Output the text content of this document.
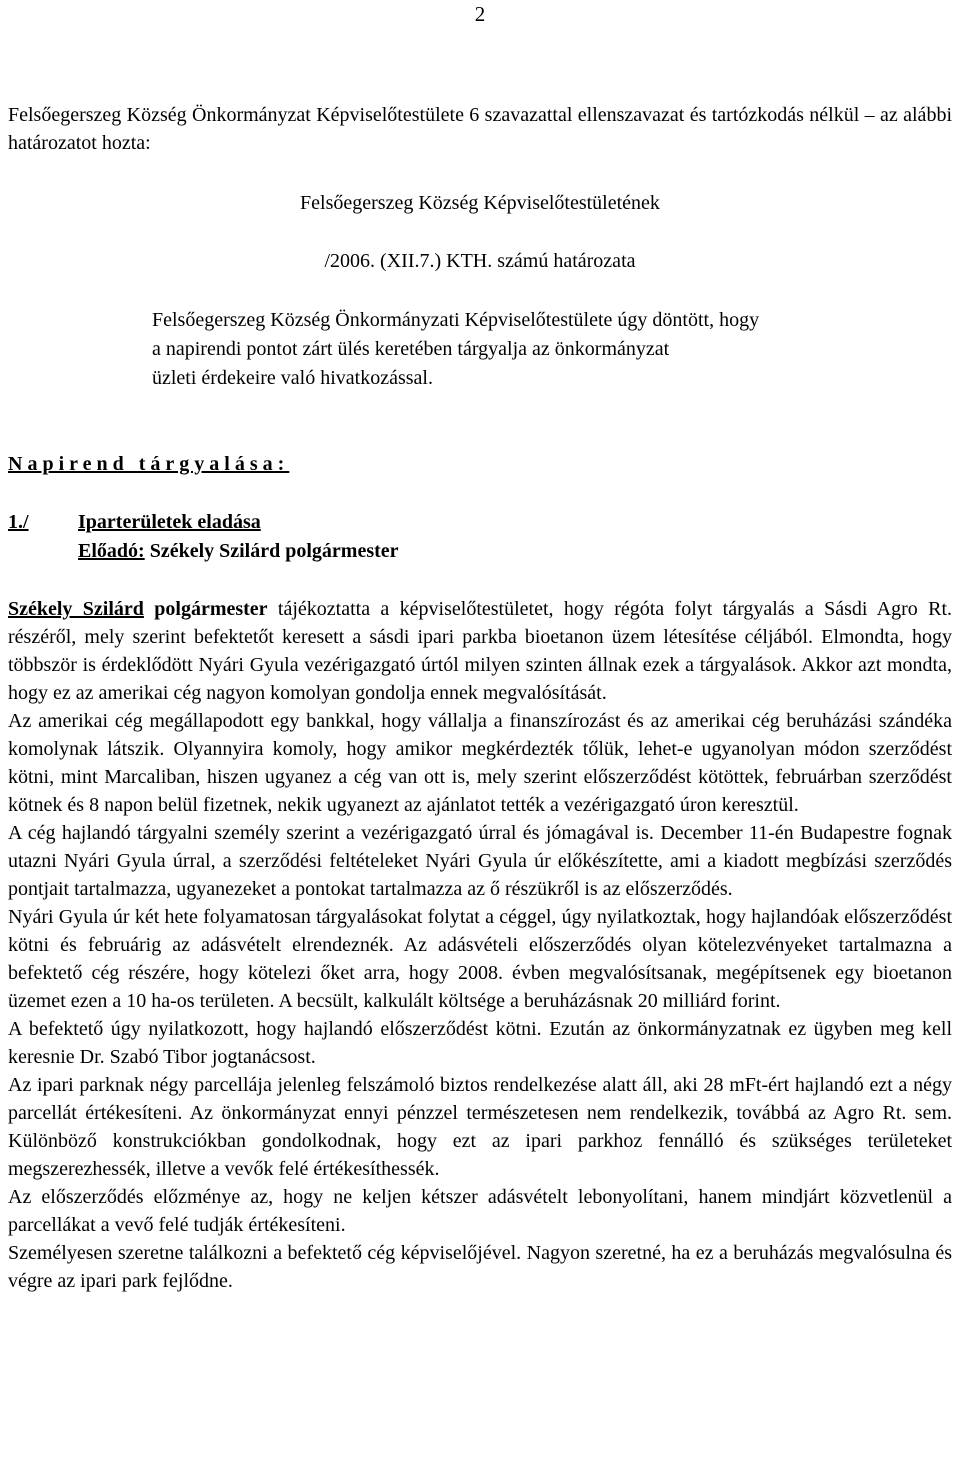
2
Felsőegerszeg Község Önkormányzat Képviselőtestülete 6 szavazattal ellenszavazat és tartózkodás nélkül – az alábbi határozatot hozta:
Felsőegerszeg Község Képviselőtestületének
/2006. (XII.7.) KTH. számú határozata
Felsőegerszeg Község Önkormányzati Képviselőtestülete úgy döntött, hogy
a napirendi pontot zárt ülés keretében tárgyalja az önkormányzat
üzleti érdekeire való hivatkozással.
Napirend tárgyalása:
1./ Iparterületek eladása
Előadó: Székely Szilárd polgármester

Székely Szilárd polgármester tájékoztatta a képviselőtestületet, hogy régóta folyt tárgyalás a Sásdi Agro Rt. részéről, mely szerint befektetőt keresett a sásdi ipari parkba bioetanon üzem létesítése céljából. Elmondta, hogy többször is érdeklődött Nyári Gyula vezérigazgató úrtól milyen szinten állnak ezek a tárgyalások. Akkor azt mondta, hogy ez az amerikai cég nagyon komolyan gondolja ennek megvalósítását.

Az amerikai cég megállapodott egy bankkal, hogy vállalja a finanszírozást és az amerikai cég beruházási szándéka komolynak látszik. Olyannyira komoly, hogy amikor megkérdezték tőlük, lehet-e ugyanolyan módon szerződést kötni, mint Marcaliban, hiszen ugyanez a cég van ott is, mely szerint előszerződést kötöttek, februárban szerződést kötnek és 8 napon belül fizetnek, nekik ugyanezt az ajánlatot tették a vezérigazgató úron keresztül.

A cég hajlandó tárgyalni személy szerint a vezérigazgató úrral és jómagával is. December 11-én Budapestre fognak utazni Nyári Gyula úrral, a szerződési feltételeket Nyári Gyula úr előkészítette, ami a kiadott megbízási szerződés pontjait tartalmazza, ugyanezeket a pontokat tartalmazza az ő részükről is az előszerződés.

Nyári Gyula úr két hete folyamatosan tárgyalásokat folytat a céggel, úgy nyilatkoztak, hogy hajlandóak előszerződést kötni és februárig az adásvételt elrendeznék. Az adásvételi előszerződés olyan kötelezvényeket tartalmazna a befektető cég részére, hogy kötelezi őket arra, hogy 2008. évben megvalósítsanak, megépítsenek egy bioetanon üzemet ezen a 10 ha-os területen. A becsült, kalkulált költsége a beruházásnak 20 milliárd forint.

A befektető úgy nyilatkozott, hogy hajlandó előszerződést kötni. Ezután az önkormányzatnak ez ügyben meg kell keresnie Dr. Szabó Tibor jogtanácsost.

Az ipari parknak négy parcellája jelenleg felszámoló biztos rendelkezése alatt áll, aki 28 mFt-ért hajlandó ezt a négy parcellát értékesíteni. Az önkormányzat ennyi pénzzel természetesen nem rendelkezik, továbbá az Agro Rt. sem. Különböző konstrukciókban gondolkodnak, hogy ezt az ipari parkhoz fennálló és szükséges területeket megszerezhessék, illetve a vevők felé értékesíthessék.

Az előszerződés előzménye az, hogy ne keljen kétszer adásvételt lebonyolítani, hanem mindjárt közvetlenül a parcellákat a vevő felé tudják értékesíteni.

Személyesen szeretne találkozni a befektető cég képviselőjével. Nagyon szeretné, ha ez a beruházás megvalósulna és végre az ipari park fejlődne.
